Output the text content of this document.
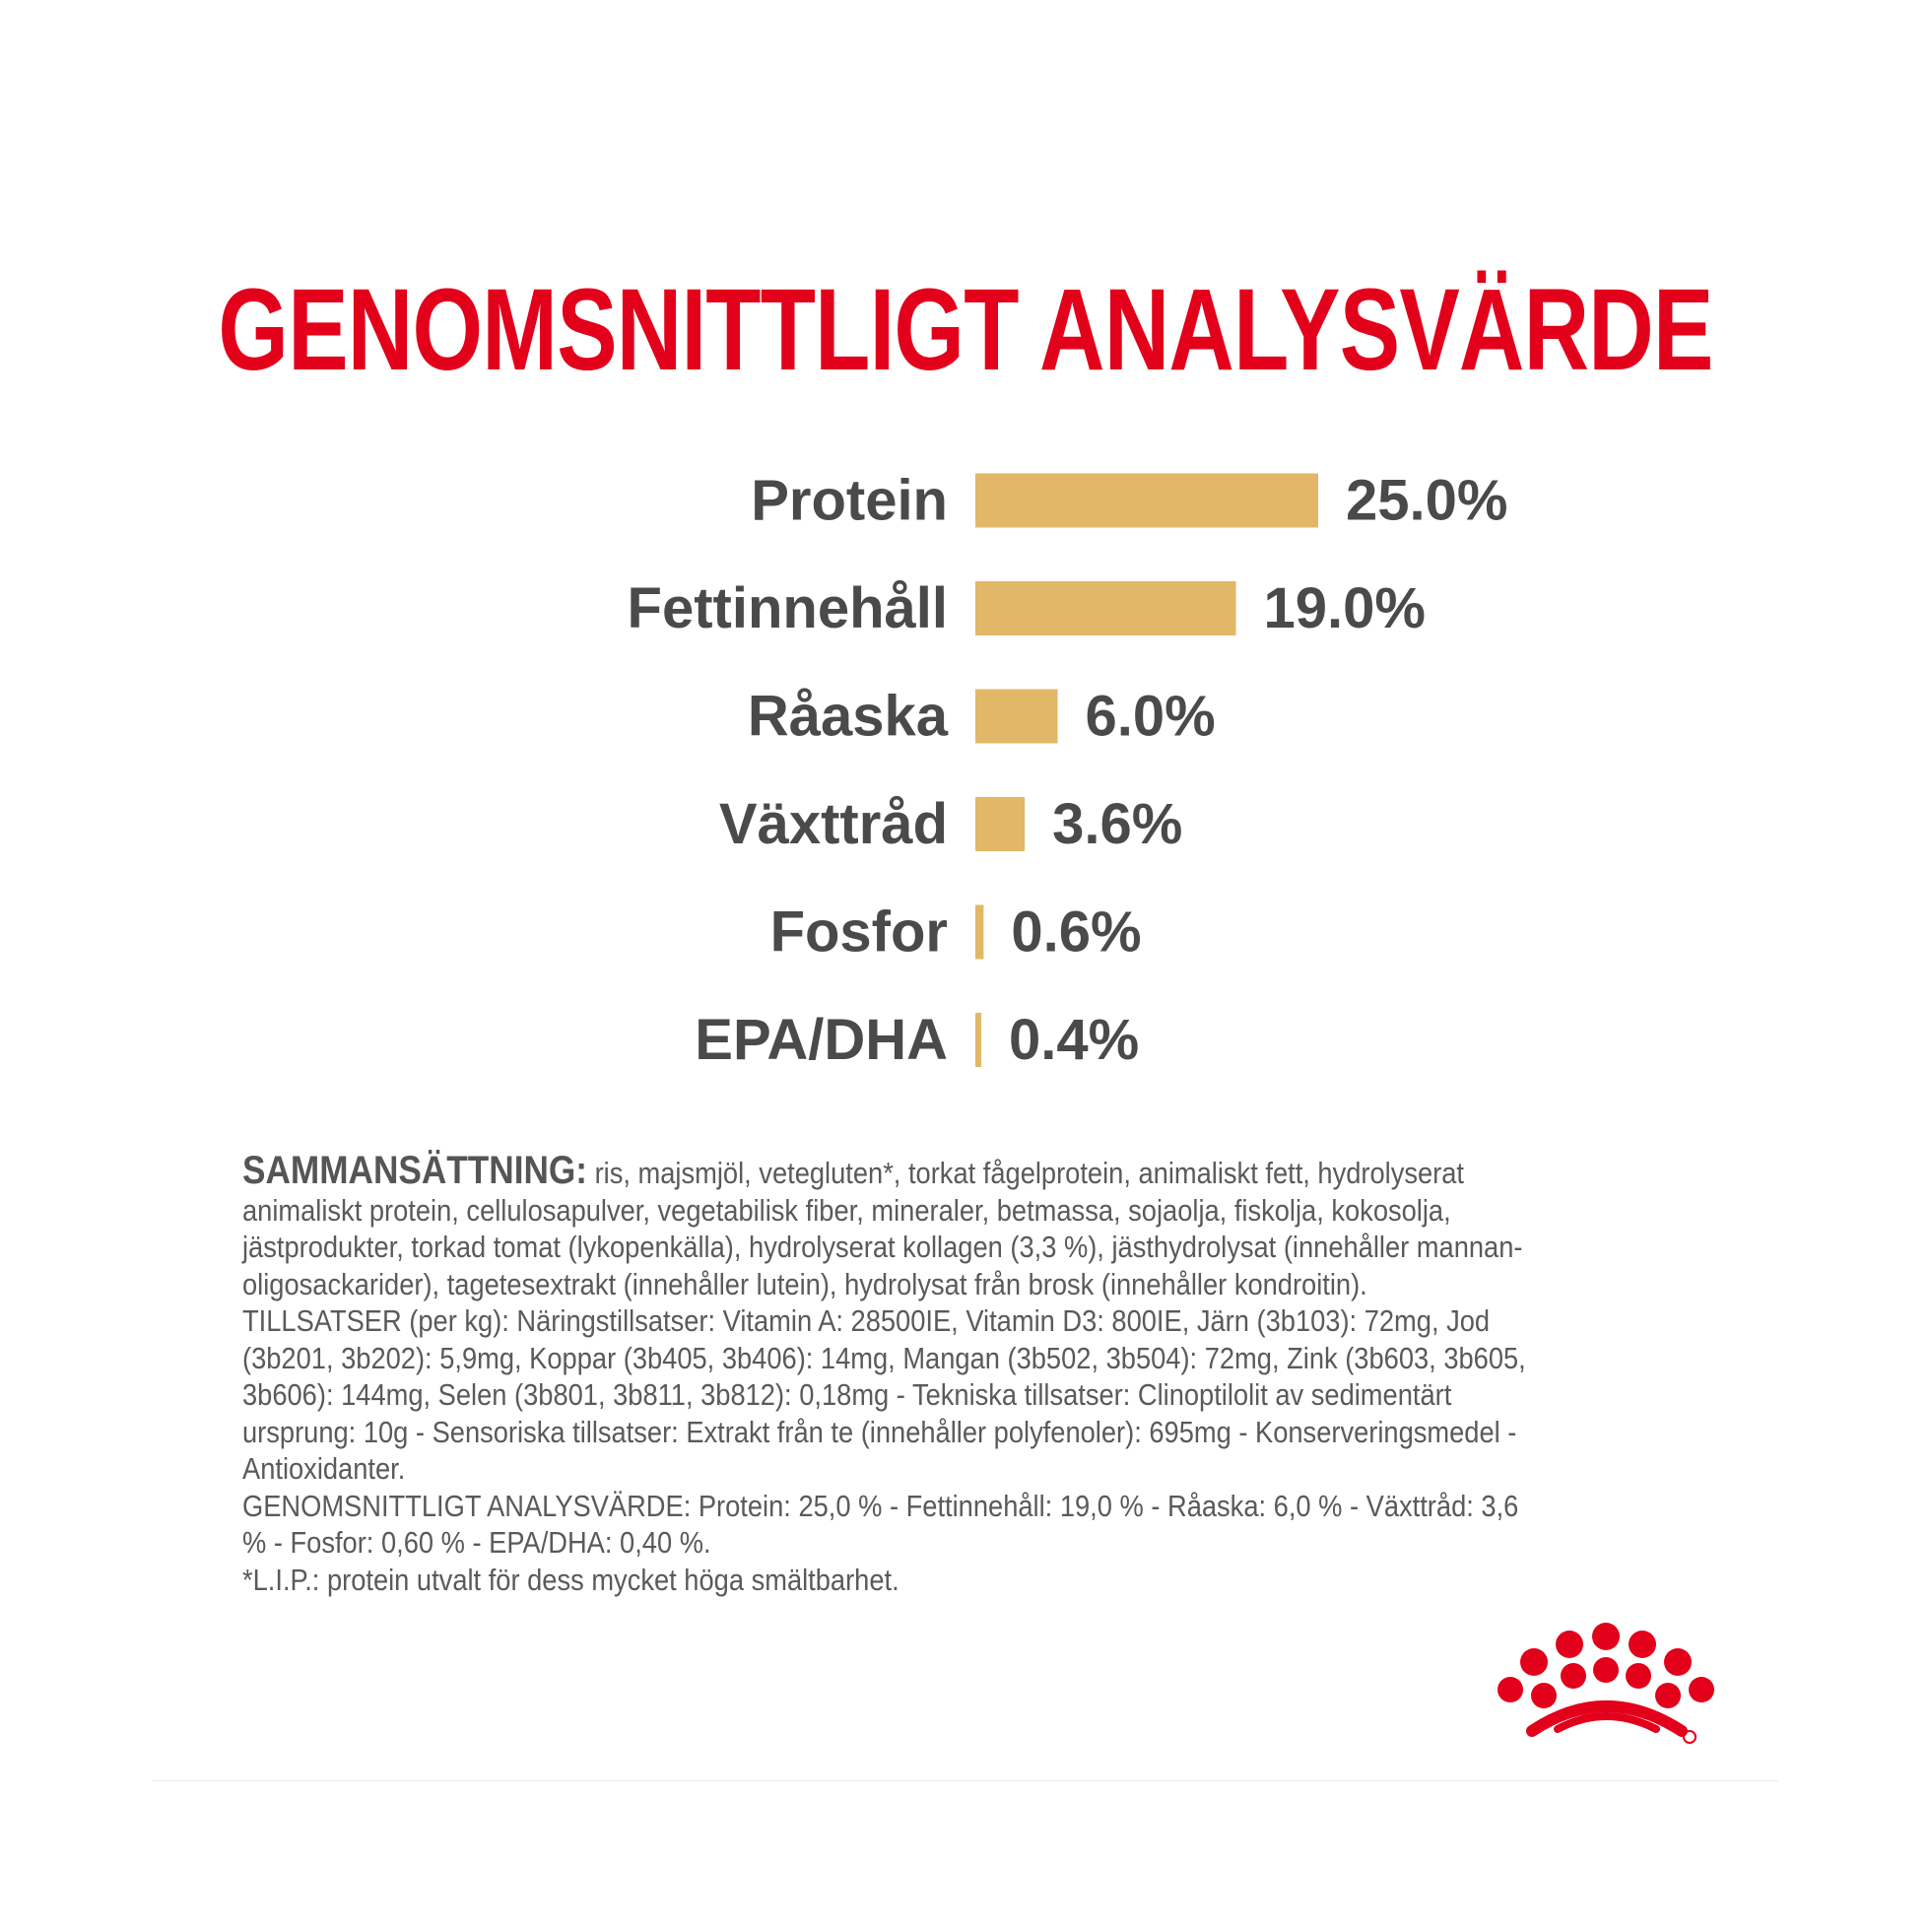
GENOMSNITTLIGT ANALYSVÄRDE
Protein	25.0%
Fettinnehåll	19.0%
Råaska 6.0%
Växttråd 3.6%
Fosfor 0.6%
EPA/DHA 0.4%

SAMMANSÄTTNING: ris, majsmjöl, vetegluten*, torkat fågelprotein, animaliskt fett, hydrolyserat animaliskt protein, cellulosapulver, vegetabilisk fiber, mineraler, betmassa, sojaolja, fiskolja, kokosolja, jästprodukter, torkad tomat (lykopenkälla), hydrolyserat kollagen (3,3 %), jästhydrolysat (innehåller mannan-oligosackarider), tagetesextrakt (innehåller lutein), hydrolysat från brosk (innehåller kondroitin).

TILLSATSER (per kg): Näringstillsatser: Vitamin A: 28500IE, Vitamin D3: 800IE, Järn (3b103): 72mg, Jod (3b201, 3b202): 5,9mg, Koppar (3b405, 3b406): 14mg, Mangan (3b502, 3b504): 72mg, Zink (3b603, 3b605, 3b606): 144mg, Selen (3b801, 3b811, 3b812): 0,18mg - Tekniska tillsatser: Clinoptilolit av sedimentärt ursprung: 10g - Sensoriska tillsatser: Extrakt från te (innehåller polyfenoler): 695mg - Konserveringsmedel - Antioxidanter.

GENOMSNITTLIGT ANALYSVÄRDE: Protein: 25,0 % - Fettinnehåll: 19,0 % - Råaska: 6,0 % - Växttråd: 3,6 % - Fosfor: 0,60 % - EPA/DHA: 0,40 %.

*L.I.P.: protein utvalt för dess mycket höga smältbarhet.
